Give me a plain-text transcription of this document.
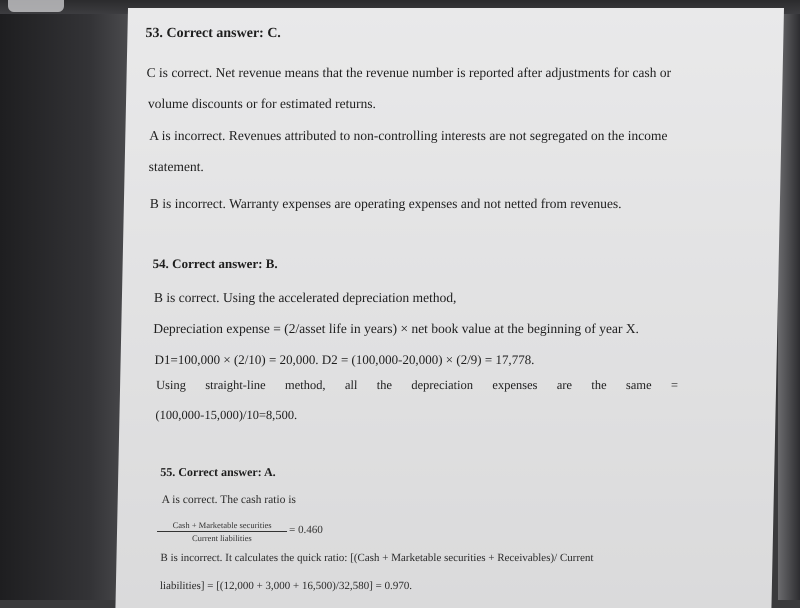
53. Correct answer: C.
C is correct. Net revenue means that the revenue number is reported after adjustments for cash or
volume discounts or for estimated returns.
A is incorrect. Revenues attributed to non-controlling interests are not segregated on the income
statement.
B is incorrect. Warranty expenses are operating expenses and not netted from revenues.
54. Correct answer: B.
B is correct. Using the accelerated depreciation method,
Depreciation expense = (2/asset life in years) × net book value at the beginning of year X.
D1=100,000 × (2/10) = 20,000. D2 = (100,000-20,000) × (2/9) = 17,778.
Using straight-line method, all the depreciation expenses are the same =
(100,000-15,000)/10=8,500.
55. Correct answer: A.
A is correct. The cash ratio is
Cash + Marketable securities
Current liabilities
= 0.460
B is incorrect. It calculates the quick ratio: [(Cash + Marketable securities + Receivables)/ Current
liabilities] = [(12,000 + 3,000 + 16,500)/32,580] = 0.970.
